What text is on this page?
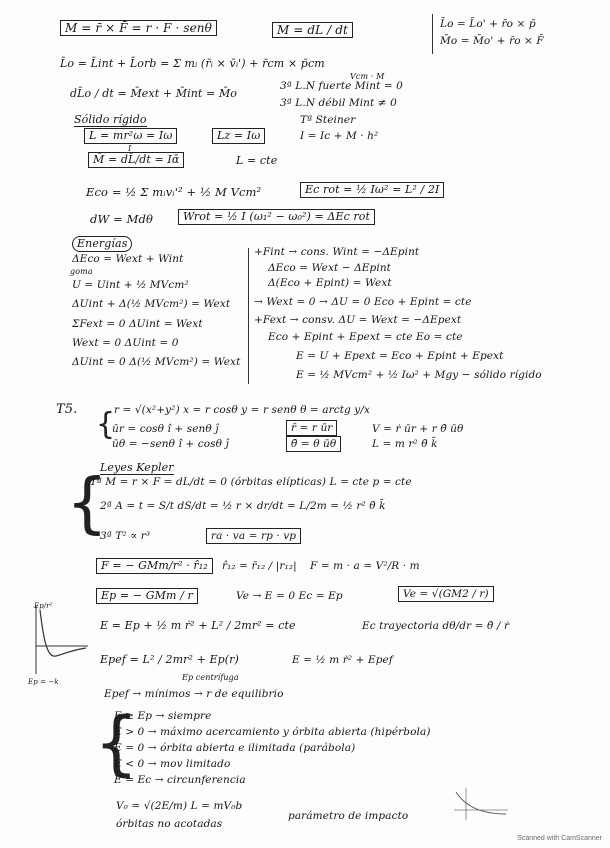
M = r̄ × F̄ = r · F · senθ	M = dL / dt	L̄o = L̄o' + r̄o × p̄
M̄o = M̄o' + r̄o × F̄
L̄o = L̄int + L̄orb = Σ mᵢ (r̄ᵢ × v̄ᵢ') + r̄cm × p̄cm
Vcm · M
dL̄o / dt = M̄ext + M̄int = M̄o
3ª L.N fuerte Mint = 0
3ª L.N débil Mint ≠ 0
Sólido rígido
L = mr²ω = Iω
I
Lz = Iω
Tª Steiner
I = Ic + M · h²
M̄ = dL̄/dt = Iᾱ	L = cte
Eco = ½ Σ mᵢvᵢ'² + ½ M Vcm²	Ec rot = ½ Iω² = L² / 2I
dW = Mdθ	Wrot = ½ I (ω₁² − ω₀²) = ΔEc rot
Energías
goma
ΔEco = Wext + Wint
U = Uint + ½ MVcm²
ΔUint + Δ(½ MVcm²) = Wext
ΣFext = 0 ΔUint = Wext
Wext = 0 ΔUint = 0
ΔUint = 0 Δ(½ MVcm²) = Wext
+Fint → cons. Wint = −ΔEpint
ΔEco = Wext − ΔEpint
Δ(Eco + Epint) = Wext
→ Wext = 0 → ΔU = 0 Eco + Epint = cte
+Fext → consv. ΔU = Wext = −ΔEpext
Eco + Epint + Epext = cte Eo = cte
E = U + Epext = Eco + Epint + Epext
E = ½ MVcm² + ½ Iω² + Mgy − sólido rígido
T5.	r = √(x²+y²) x = r cosθ y = r senθ θ = arctg y/x
{
ūr = cosθ î + senθ ĵ
ūθ = −senθ î + cosθ ĵ
r̄ = r ūr
θ̄ = θ ūθ
V = ṙ ūr + r θ̇ ūθ
L = m r² θ̇ k̄
Leyes Kepler
{
1ª M = r × F = dL/dt = 0 (órbitas elípticas) L = cte p = cte
2ª A = t = S/t dS/dt = ½ r × dr/dt = L/2m = ½ r² θ̇ k̄
3ª T² ∝ r³	ra · va = rp · vp
F = − GMm/r² · r̂₁₂	r̂₁₂ = r̄₁₂ / |r₁₂| F = m · a = V²/R · m
Ep = − GMm / r	Ve → E = 0 Ec = Ep	Ve = √(GM2 / r)
E = Ep + ½ m ṙ² + L² / 2mr² = cte	Ec trayectoria dθ/dr = θ̇ / ṙ
Ep/r²
Ep = −k
Epef = L² / 2mr² + Ep(r)
Ep centrífuga
E = ½ m ṙ² + Epef
Epef → mínimos → r de equilibrio
{
E ≥ Ep → siempre
E > 0 → máximo acercamiento y órbita abierta (hipérbola)
E = 0 → órbita abierta e ilimitada (parábola)
E < 0 → mov limitado
E = Ec → circunferencia
V₀ = √(2E/m) L = mV₀b
parámetro de impacto
órbitas no acotadas
Scanned with CamScanner
